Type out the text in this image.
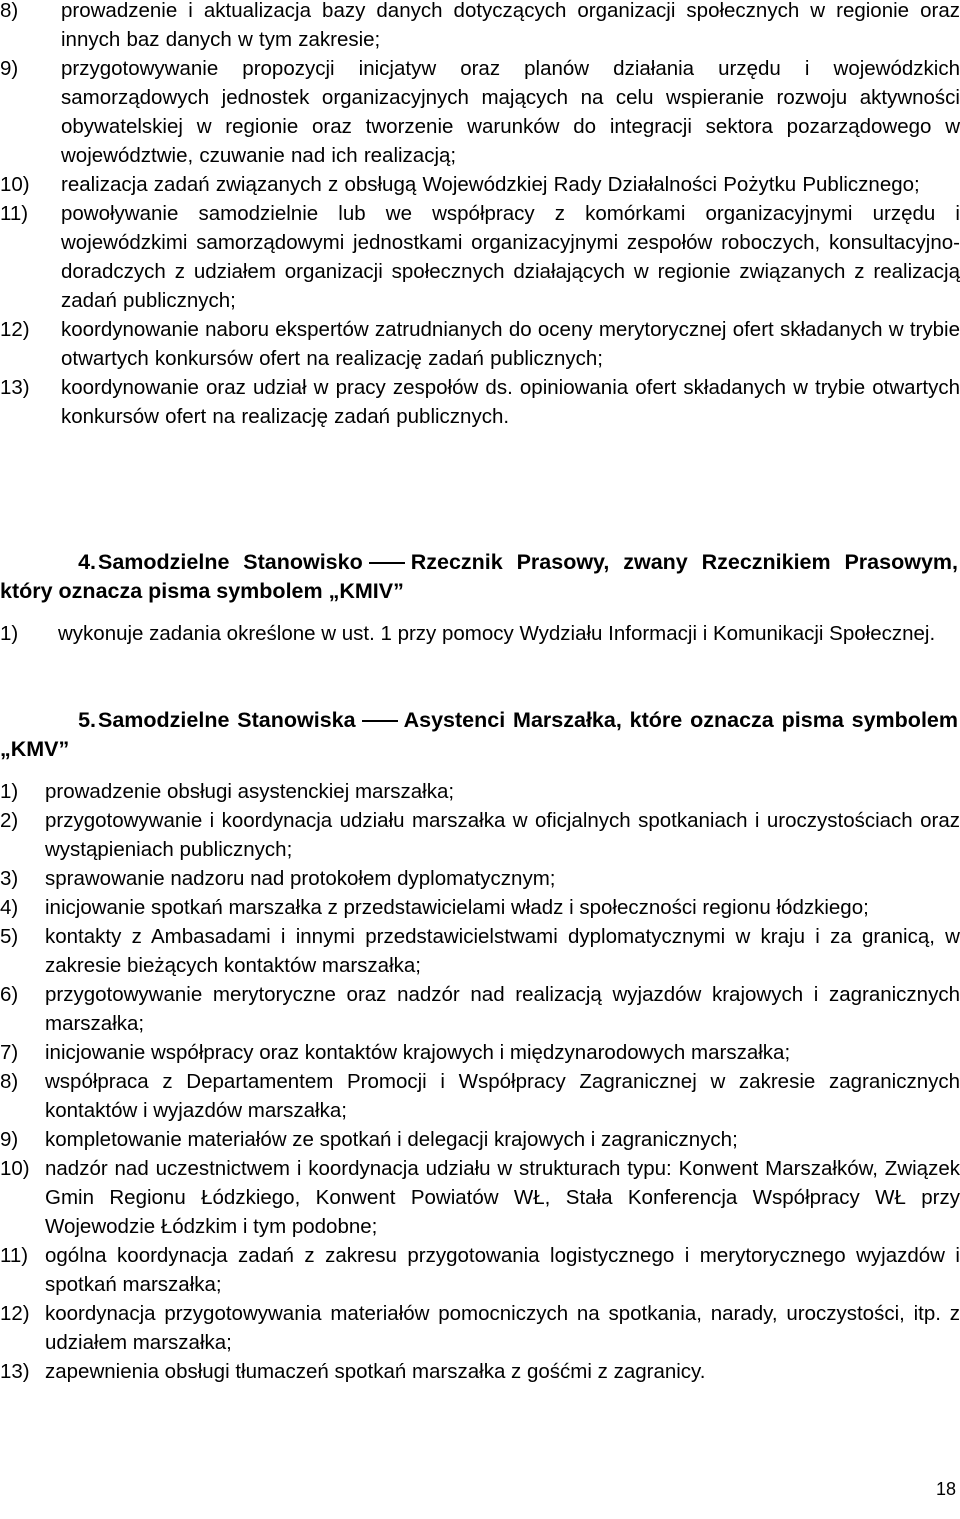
8)	prowadzenie i aktualizacja bazy danych dotyczących organizacji społecznych w regionie oraz innych baz danych w tym zakresie;
9)	przygotowywanie propozycji inicjatyw oraz planów działania urzędu i wojewódzkich samorządowych jednostek organizacyjnych mających na celu wspieranie rozwoju aktywności obywatelskiej w regionie oraz tworzenie warunków do integracji sektora pozarządowego w województwie, czuwanie nad ich realizacją;
10)	realizacja zadań związanych z obsługą Wojewódzkiej Rady Działalności Pożytku Publicznego;
11)	powoływanie samodzielnie lub we współpracy z komórkami organizacyjnymi urzędu i wojewódzkimi samorządowymi jednostkami organizacyjnymi zespołów roboczych, konsultacyjno-doradczych z udziałem organizacji społecznych działających w regionie związanych z realizacją zadań publicznych;
12)	koordynowanie naboru ekspertów zatrudnianych do oceny merytorycznej ofert składanych w trybie otwartych konkursów ofert na realizację zadań publicznych;
13)	koordynowanie oraz udział w pracy zespołów ds. opiniowania ofert składanych w trybie otwartych konkursów ofert na realizację zadań publicznych.
4.Samodzielne Stanowisko Rzecznik Prasowy, zwany Rzecznikiem Prasowym, który oznacza pisma symbolem „KMIV”
1)	wykonuje zadania określone w ust. 1 przy pomocy Wydziału Informacji i Komunikacji Społecznej.
5.Samodzielne Stanowiska Asystenci Marszałka, które oznacza pisma symbolem „KMV”
1)	prowadzenie obsługi asystenckiej marszałka;
2)	przygotowywanie i koordynacja udziału marszałka w oficjalnych spotkaniach i uroczystościach oraz wystąpieniach publicznych;
3)	sprawowanie nadzoru nad protokołem dyplomatycznym;
4)	inicjowanie spotkań marszałka z przedstawicielami władz i społeczności regionu łódzkiego;
5)	kontakty z Ambasadami i innymi przedstawicielstwami dyplomatycznymi w kraju i za granicą, w zakresie bieżących kontaktów marszałka;
6)	przygotowywanie merytoryczne oraz nadzór nad realizacją wyjazdów krajowych i zagranicznych marszałka;
7)	inicjowanie współpracy oraz kontaktów krajowych i międzynarodowych marszałka;
8)	współpraca z Departamentem Promocji i Współpracy Zagranicznej w zakresie zagranicznych kontaktów i wyjazdów marszałka;
9)	kompletowanie materiałów ze spotkań i delegacji krajowych i zagranicznych;
10) nadzór nad uczestnictwem i koordynacja udziału w strukturach typu: Konwent Marszałków, Związek Gmin Regionu Łódzkiego, Konwent Powiatów WŁ, Stała Konferencja Współpracy WŁ przy Wojewodzie Łódzkim i tym podobne;
11) ogólna koordynacja zadań z zakresu przygotowania logistycznego i merytorycznego wyjazdów i spotkań marszałka;
12) koordynacja przygotowywania materiałów pomocniczych na spotkania, narady, uroczystości, itp. z udziałem marszałka;
13) zapewnienia obsługi tłumaczeń spotkań marszałka z gośćmi z zagranicy.
18
